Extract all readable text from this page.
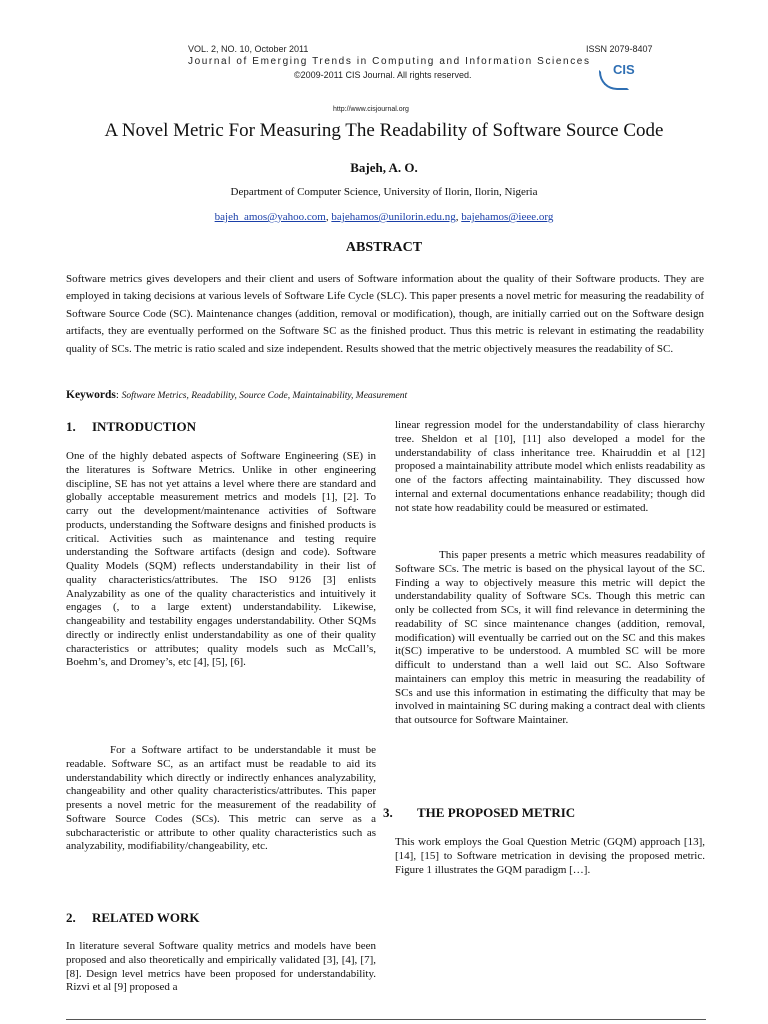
VOL. 2, NO. 10, October 2011	ISSN 2079-8407
Journal of Emerging Trends in Computing and Information Sciences
©2009-2011 CIS Journal. All rights reserved.	CIS
http://www.cisjournal.org
A Novel Metric For Measuring The Readability of Software Source Code
Bajeh, A. O.
Department of Computer Science, University of Ilorin, Ilorin, Nigeria
bajeh_amos@yahoo.com, bajehamos@unilorin.edu.ng, bajehamos@ieee.org
ABSTRACT

Software metrics gives developers and their client and users of Software information about the quality of their Software products. They are employed in taking decisions at various levels of Software Life Cycle (SLC). This paper presents a novel metric for measuring the readability of Software Source Code (SC). Maintenance changes (addition, removal or modification), though, are initially carried out on the Software design artifacts, they are eventually performed on the Software SC as the finished product. Thus this metric is relevant in estimating the readability quality of SCs. The metric is ratio scaled and size independent. Results showed that the metric objectively measures the readability of SC.

Keywords: Software Metrics, Readability, Source Code, Maintainability, Measurement
1. INTRODUCTION

One of the highly debated aspects of Software Engineering (SE) in the literatures is Software Metrics. Unlike in other engineering discipline, SE has not yet attains a level where there are standard and globally acceptable measurement metrics and models [1], [2]. To carry out the development/maintenance activities of Software products, understanding the Software designs and finished products is critical. Activities such as maintenance and testing require understanding the Software artifacts (design and code). Software Quality Models (SQM) reflects understandability in their list of quality characteristics/attributes. The ISO 9126 [3] enlists Analyzability as one of the quality characteristics and intuitively it engages (, to a large extent) understandability. Likewise, changeability and testability engages understandability. Other SQMs directly or indirectly enlist understandability as one of their quality characteristics or attributes; quality models such as McCall’s, Boehm’s, and Dromey’s, etc [4], [5], [6].

For a Software artifact to be understandable it must be readable. Software SC, as an artifact must be readable to aid its understandability which directly or indirectly enhances analyzability, changeability and other quality characteristics/attributes. This paper presents a novel metric for the measurement of the readability of Software Source Codes (SCs). This metric can serve as a subcharacteristic or attribute to other quality characteristics such as analyzability, modifiability/changeability, etc.

2. RELATED WORK

In literature several Software quality metrics and models have been proposed and also theoretically and empirically validated [3], [4], [7], [8]. Design level metrics have been proposed for understandability. Rizvi et al [9] proposed a

linear regression model for the understandability of class hierarchy tree. Sheldon et al [10], [11] also developed a model for the understandability of class inheritance tree. Khairuddin et al [12] proposed a maintainability attribute model which enlists readability as one of the factors affecting maintainability. They discussed how internal and external documentations enhance readability; though did not state how readability could be measured or estimated.

This paper presents a metric which measures readability of Software SCs. The metric is based on the physical layout of the SC. Finding a way to objectively measure this metric will depict the understandability quality of Software SCs. Though this metric can only be collected from SCs, it will find relevance in determining the readability of SC since maintenance changes (addition, removal, modification) will eventually be carried out on the SC and this makes it(SC) imperative to be understood. A mumbled SC will be more difficult to understand than a well laid out SC. Also Software maintainers can employ this metric in measuring the readability of SCs and use this information in estimating the difficulty that may be involved in maintaining SC during making a contract deal with clients that outsource for Software Maintainer.

3. THE PROPOSED METRIC

This work employs the Goal Question Metric (GQM) approach [13], [14], [15] to Software metrication in devising the proposed metric. Figure 1 illustrates the GQM paradigm […].
